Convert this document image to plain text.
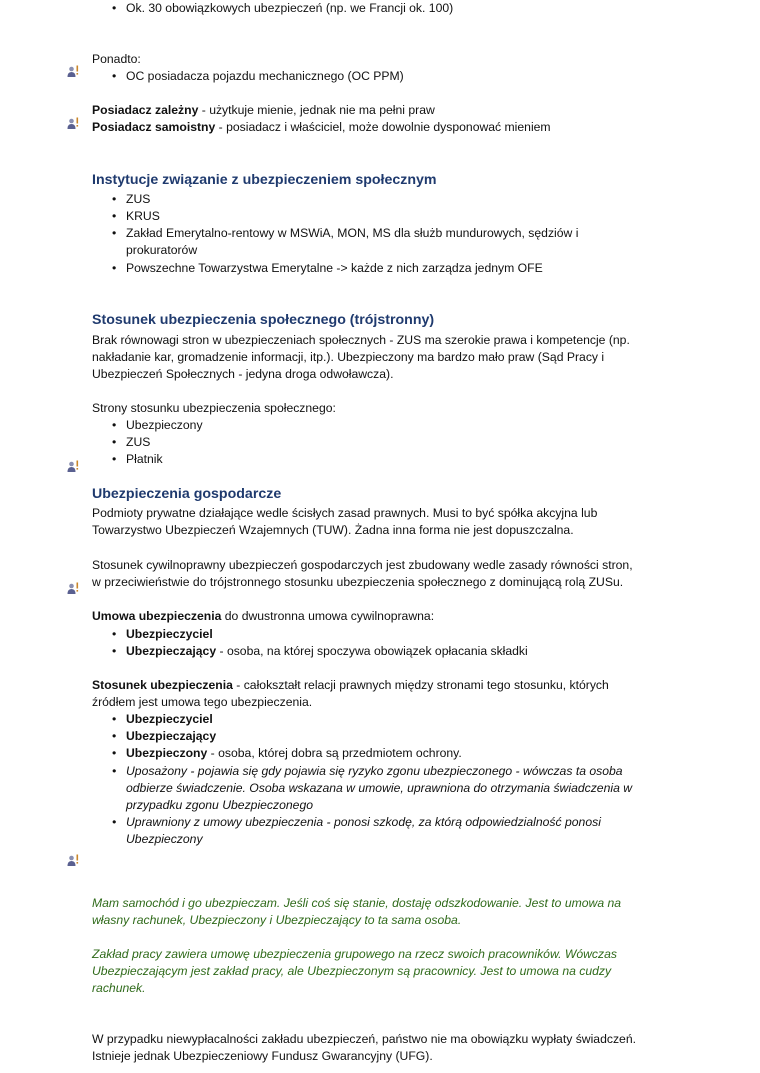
• Ok. 30 obowiązkowych ubezpieczeń (np. we Francji ok. 100)
Ponadto:
• OC posiadacza pojazdu mechanicznego (OC PPM)
Posiadacz zależny - użytkuje mienie, jednak nie ma pełni praw
Posiadacz samoistny - posiadacz i właściciel, może dowolnie dysponować mieniem
Instytucje związanie z ubezpieczeniem społecznym
• ZUS
• KRUS
• Zakład Emerytalno-rentowy w MSWiA, MON, MS dla służb mundurowych, sędziów i
prokuratorów
• Powszechne Towarzystwa Emerytalne -> każde z nich zarządza jednym OFE
Stosunek ubezpieczenia społecznego (trójstronny)
Brak równowagi stron w ubezpieczeniach społecznych - ZUS ma szerokie prawa i kompetencje (np.
nakładanie kar, gromadzenie informacji, itp.). Ubezpieczony ma bardzo mało praw (Sąd Pracy i
Ubezpieczeń Społecznych - jedyna droga odwoławcza).
Strony stosunku ubezpieczenia społecznego:
• Ubezpieczony
• ZUS
• Płatnik
Ubezpieczenia gospodarcze
Podmioty prywatne działające wedle ścisłych zasad prawnych. Musi to być spółka akcyjna lub
Towarzystwo Ubezpieczeń Wzajemnych (TUW). Żadna inna forma nie jest dopuszczalna.
Stosunek cywilnoprawny ubezpieczeń gospodarczych jest zbudowany wedle zasady równości stron,
w przeciwieństwie do trójstronnego stosunku ubezpieczenia społecznego z dominującą rolą ZUSu.
Umowa ubezpieczenia do dwustronna umowa cywilnoprawna:
• Ubezpieczyciel
• Ubezpieczający - osoba, na której spoczywa obowiązek opłacania składki
Stosunek ubezpieczenia - całokształt relacji prawnych między stronami tego stosunku, których
źródłem jest umowa tego ubezpieczenia.
• Ubezpieczyciel
• Ubezpieczający
• Ubezpieczony - osoba, której dobra są przedmiotem ochrony.
• Uposażony - pojawia się gdy pojawia się ryzyko zgonu ubezpieczonego - wówczas ta osoba
odbierze świadczenie. Osoba wskazana w umowie, uprawniona do otrzymania świadczenia w
przypadku zgonu Ubezpieczonego
• Uprawniony z umowy ubezpieczenia - ponosi szkodę, za którą odpowiedzialność ponosi
Ubezpieczony
Mam samochód i go ubezpieczam. Jeśli coś się stanie, dostaję odszkodowanie. Jest to umowa na
własny rachunek, Ubezpieczony i Ubezpieczający to ta sama osoba.
Zakład pracy zawiera umowę ubezpieczenia grupowego na rzecz swoich pracowników. Wówczas
Ubezpieczającym jest zakład pracy, ale Ubezpieczonym są pracownicy. Jest to umowa na cudzy
rachunek.
W przypadku niewypłacalności zakładu ubezpieczeń, państwo nie ma obowiązku wypłaty świadczeń.
Istnieje jednak Ubezpieczeniowy Fundusz Gwarancyjny (UFG).
